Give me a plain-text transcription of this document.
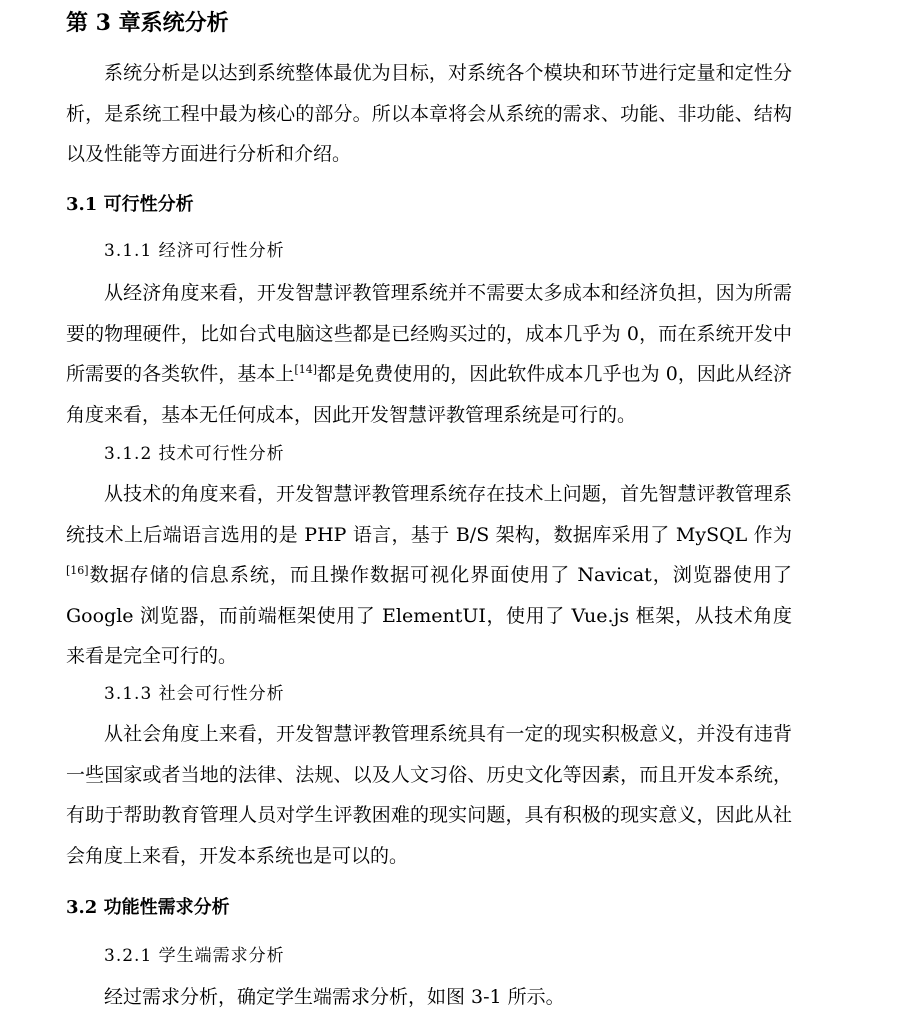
第 3 章系统分析

系统分析是以达到系统整体最优为目标，对系统各个模块和环节进行定量和定性分析，是系统工程中最为核心的部分。所以本章将会从系统的需求、功能、非功能、结构以及性能等方面进行分析和介绍。

3.1 可行性分析
3.1.1 经济可行性分析

从经济角度来看，开发智慧评教管理系统并不需要太多成本和经济负担，因为所需要的物理硬件，比如台式电脑这些都是已经购买过的，成本几乎为 0，而在系统开发中所需要的各类软件，基本上[14]都是免费使用的，因此软件成本几乎也为 0，因此从经济角度来看，基本无任何成本，因此开发智慧评教管理系统是可行的。

3.1.2 技术可行性分析

从技术的角度来看，开发智慧评教管理系统存在技术上问题，首先智慧评教管理系统技术上后端语言选用的是 PHP 语言，基于 B/S 架构，数据库采用了 MySQL 作为[16]数据存储的信息系统，而且操作数据可视化界面使用了 Navicat，浏览器使用了 Google 浏览器，而前端框架使用了 ElementUI，使用了 Vue.js 框架，从技术角度来看是完全可行的。

3.1.3 社会可行性分析

从社会角度上来看，开发智慧评教管理系统具有一定的现实积极意义，并没有违背一些国家或者当地的法律、法规、以及人文习俗、历史文化等因素，而且开发本系统，有助于帮助教育管理人员对学生评教困难的现实问题，具有积极的现实意义，因此从社会角度上来看，开发本系统也是可以的。

3.2 功能性需求分析
3.2.1 学生端需求分析
经过需求分析，确定学生端需求分析，如图 3-1 所示。
